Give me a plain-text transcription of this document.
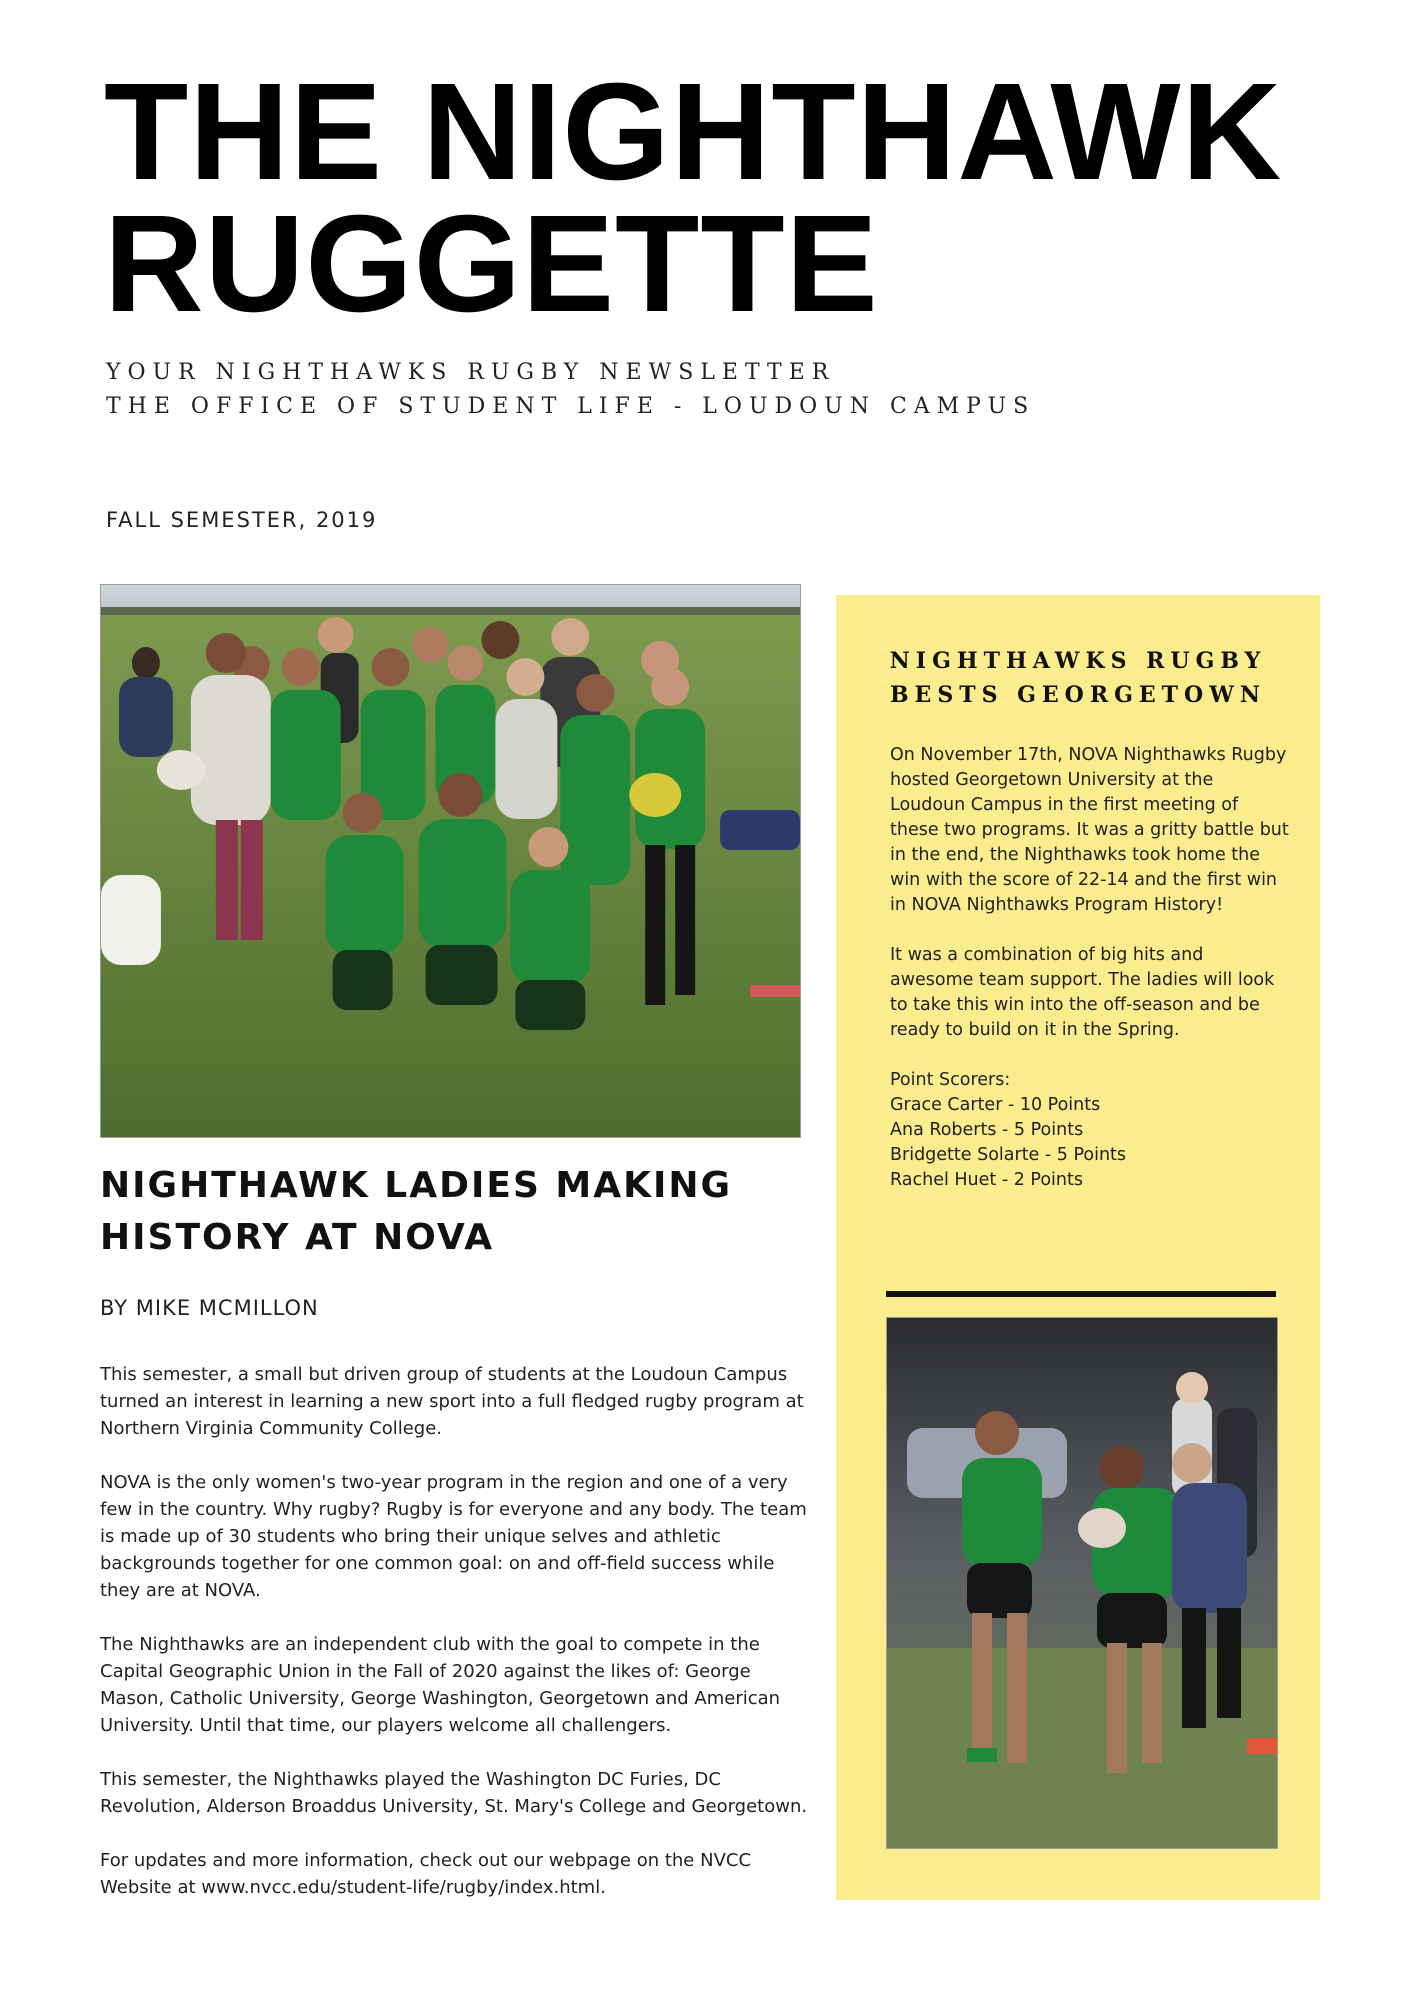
THE NIGHTHAWK
RUGGETTE
YOUR NIGHTHAWKS RUGBY NEWSLETTER
THE OFFICE OF STUDENT LIFE - LOUDOUN CAMPUS
FALL SEMESTER, 2019
NIGHTHAWK LADIES MAKING
HISTORY AT NOVA
BY MIKE MCMILLON

This semester, a small but driven group of students at the Loudoun Campus turned an interest in learning a new sport into a full fledged rugby program at Northern Virginia Community College.

NOVA is the only women's two-year program in the region and one of a very few in the country. Why rugby? Rugby is for everyone and any body. The team is made up of 30 students who bring their unique selves and athletic backgrounds together for one common goal: on and off-field success while they are at NOVA.

The Nighthawks are an independent club with the goal to compete in the Capital Geographic Union in the Fall of 2020 against the likes of: George Mason, Catholic University, George Washington, Georgetown and American University. Until that time, our players welcome all challengers.

This semester, the Nighthawks played the Washington DC Furies, DC Revolution, Alderson Broaddus University, St. Mary's College and Georgetown.

For updates and more information, check out our webpage on the NVCC Website at www.nvcc.edu/student-life/rugby/index.html.

NIGHTHAWKS RUGBY
BESTS GEORGETOWN

On November 17th, NOVA Nighthawks Rugby hosted Georgetown University at the Loudoun Campus in the first meeting of these two programs. It was a gritty battle but in the end, the Nighthawks took home the win with the score of 22-14 and the first win in NOVA Nighthawks Program History!

It was a combination of big hits and awesome team support. The ladies will look to take this win into the off-season and be ready to build on it in the Spring.

Point Scorers:
Grace Carter - 10 Points
Ana Roberts - 5 Points
Bridgette Solarte - 5 Points
Rachel Huet - 2 Points
